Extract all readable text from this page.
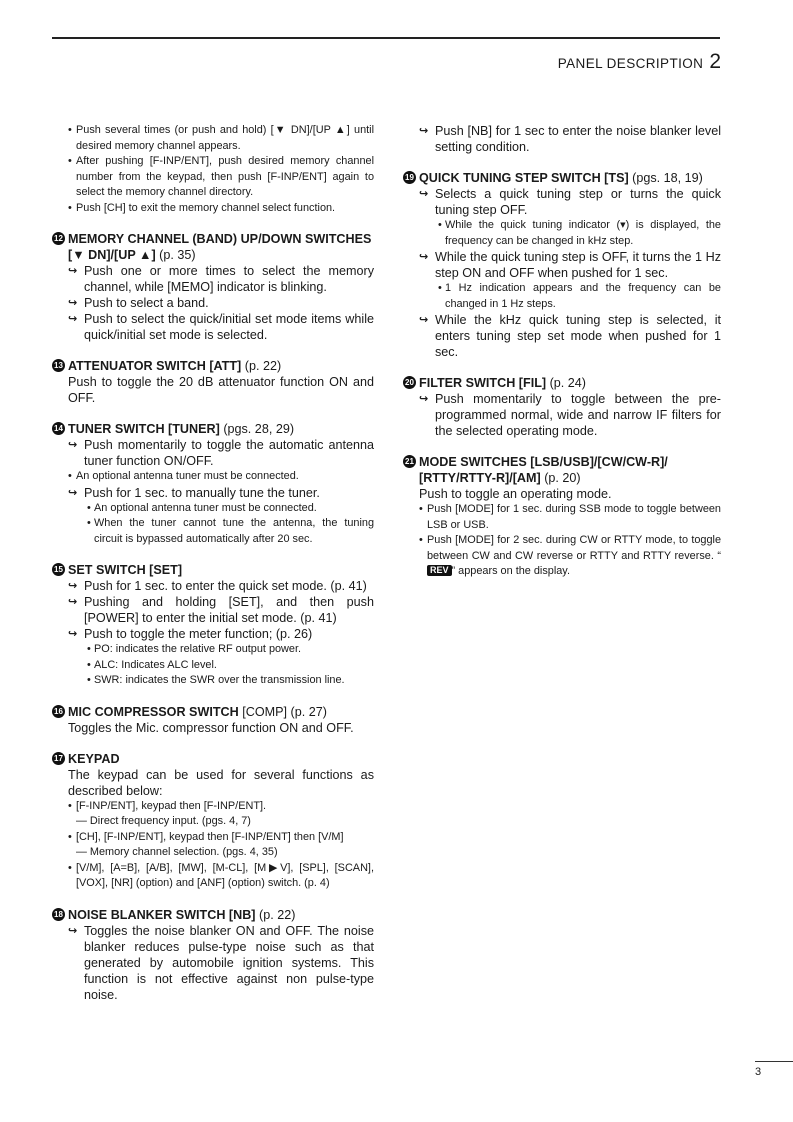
PANEL DESCRIPTION 2
• Push several times (or push and hold) [▼ DN]/[UP ▲] until desired memory channel appears.
• After pushing [F-INP/ENT], push desired memory channel number from the keypad, then push [F-INP/ENT] again to select the memory channel directory.
• Push [CH] to exit the memory channel select function.
12 MEMORY CHANNEL (BAND) UP/DOWN SWITCHES [▼ DN]/[UP ▲] (p. 35)
↪ Push one or more times to select the memory channel, while [MEMO] indicator is blinking.
↪ Push to select a band.
↪ Push to select the quick/initial set mode items while quick/initial set mode is selected.
13 ATTENUATOR SWITCH [ATT] (p. 22)
Push to toggle the 20 dB attenuator function ON and OFF.
14 TUNER SWITCH [TUNER] (pgs. 28, 29)
↪ Push momentarily to toggle the automatic antenna tuner function ON/OFF.
• An optional antenna tuner must be connected.
↪ Push for 1 sec. to manually tune the tuner.
• An optional antenna tuner must be connected.
• When the tuner cannot tune the antenna, the tuning circuit is bypassed automatically after 20 sec.
15 SET SWITCH [SET]
↪ Push for 1 sec. to enter the quick set mode. (p. 41)
↪ Pushing and holding [SET], and then push [POWER] to enter the initial set mode. (p. 41)
↪ Push to toggle the meter function; (p. 26)
• PO: indicates the relative RF output power.
• ALC: Indicates ALC level.
• SWR: indicates the SWR over the transmission line.
16 MIC COMPRESSOR SWITCH [COMP] (p. 27)
Toggles the Mic. compressor function ON and OFF.
17 KEYPAD
The keypad can be used for several functions as described below:
• [F-INP/ENT], keypad then [F-INP/ENT].
— Direct frequency input. (pgs. 4, 7)
• [CH], [F-INP/ENT], keypad then [F-INP/ENT] then [V/M]
— Memory channel selection. (pgs. 4, 35)
• [V/M], [A=B], [A/B], [MW], [M-CL], [M▶V], [SPL], [SCAN], [VOX], [NR] (option) and [ANF] (option) switch. (p. 4)
18 NOISE BLANKER SWITCH [NB] (p. 22)
↪ Toggles the noise blanker ON and OFF. The noise blanker reduces pulse-type noise such as that generated by automobile ignition systems. This function is not effective against non pulse-type noise.
↪ Push [NB] for 1 sec to enter the noise blanker level setting condition.
19 QUICK TUNING STEP SWITCH [TS] (pgs. 18, 19)
↪ Selects a quick tuning step or turns the quick tuning step OFF.
• While the quick tuning indicator (▾) is displayed, the frequency can be changed in kHz step.
↪ While the quick tuning step is OFF, it turns the 1 Hz step ON and OFF when pushed for 1 sec.
• 1 Hz indication appears and the frequency can be changed in 1 Hz steps.
↪ While the kHz quick tuning step is selected, it enters tuning step set mode when pushed for 1 sec.
20 FILTER SWITCH [FIL] (p. 24)
↪ Push momentarily to toggle between the pre-programmed normal, wide and narrow IF filters for the selected operating mode.
21 MODE SWITCHES [LSB/USB]/[CW/CW-R]/ [RTTY/RTTY-R]/[AM] (p. 20)
Push to toggle an operating mode.
• Push [MODE] for 1 sec. during SSB mode to toggle between LSB or USB.
• Push [MODE] for 2 sec. during CW or RTTY mode, to toggle between CW and CW reverse or RTTY and RTTY reverse. “REV ” appears on the display.
3
